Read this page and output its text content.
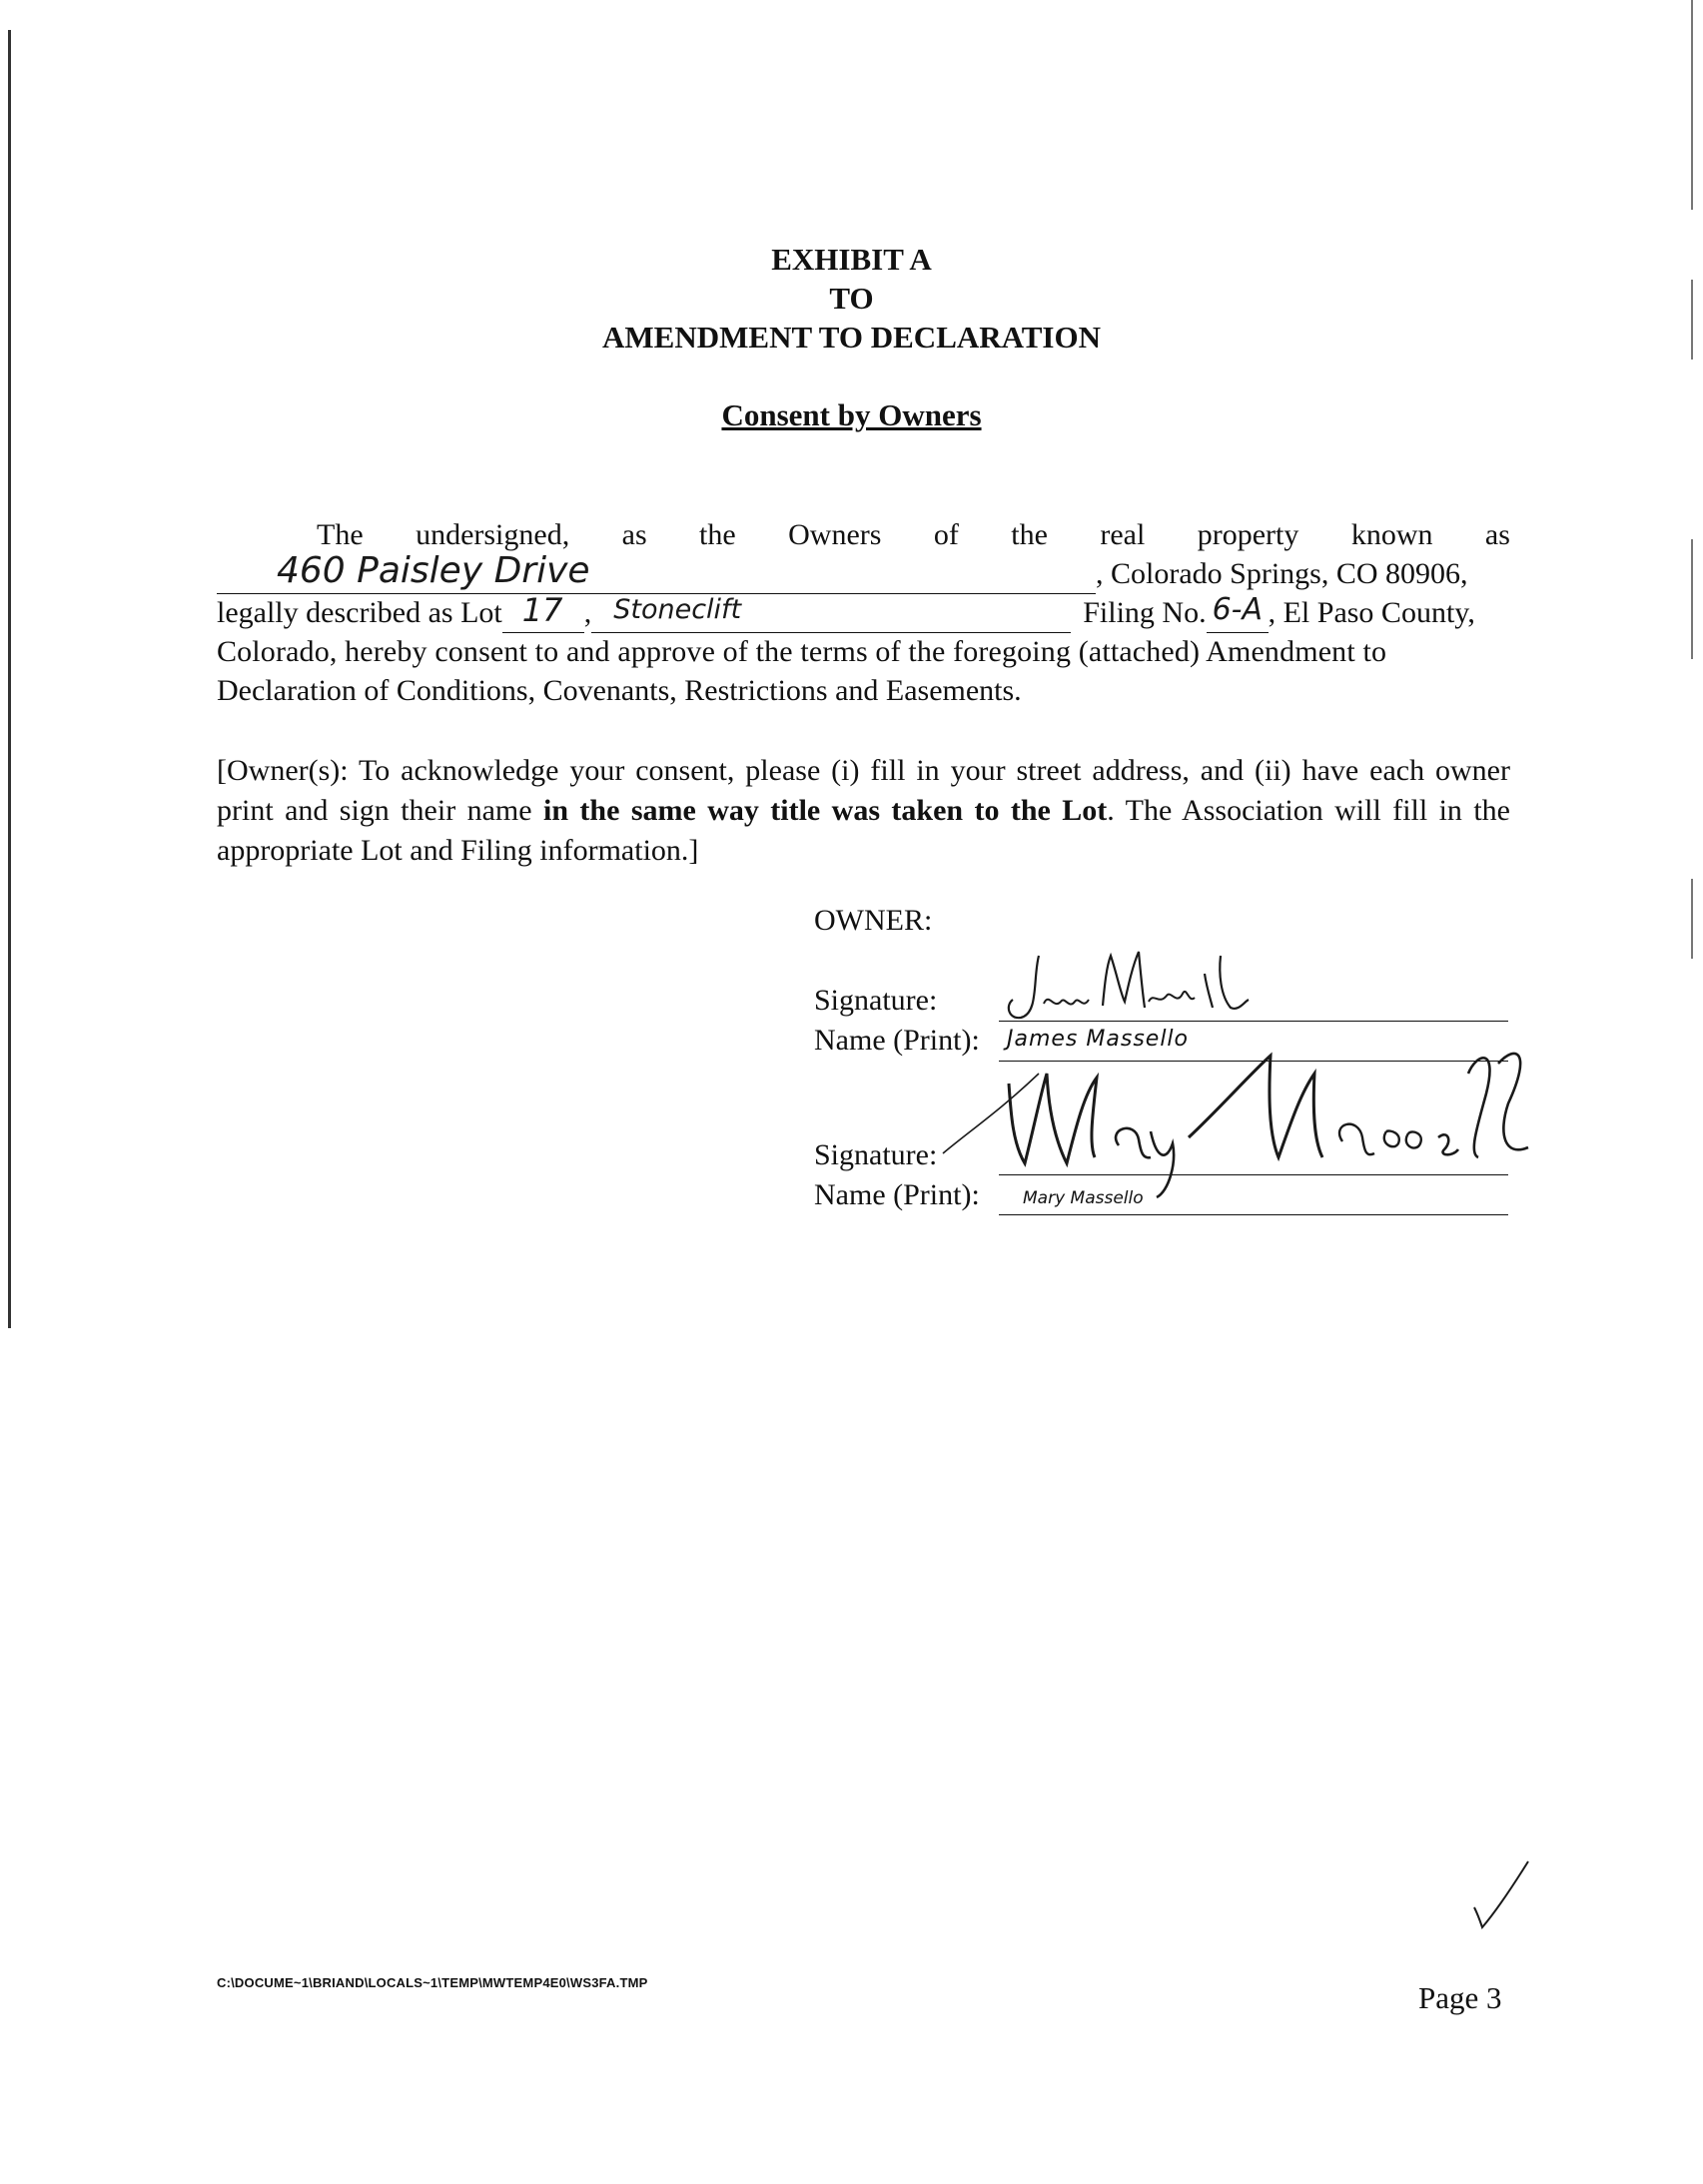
EXHIBIT A
TO
AMENDMENT TO DECLARATION
Consent by Owners
The undersigned, as the Owners of the real property known as
460 Paisley Drive	, Colorado Springs, CO 80906,
legally described as Lot 17 , Stoneclift	Filing No. 6-A , El Paso County,
Colorado, hereby consent to and approve of the terms of the foregoing (attached) Amendment to
Declaration of Conditions, Covenants, Restrictions and Easements.
[Owner(s): To acknowledge your consent, please (i) fill in your street address, and (ii) have each owner print and sign their name in the same way title was taken to the Lot. The Association will fill in the appropriate Lot and Filing information.]
OWNER:
Signature:
Name (Print): James Massello
Signature:
Name (Print):	Mary Massello
C:\DOCUME~1\BRIAND\LOCALS~1\TEMP\MWTEMP4E0\WS3FA.TMP	Page 3
